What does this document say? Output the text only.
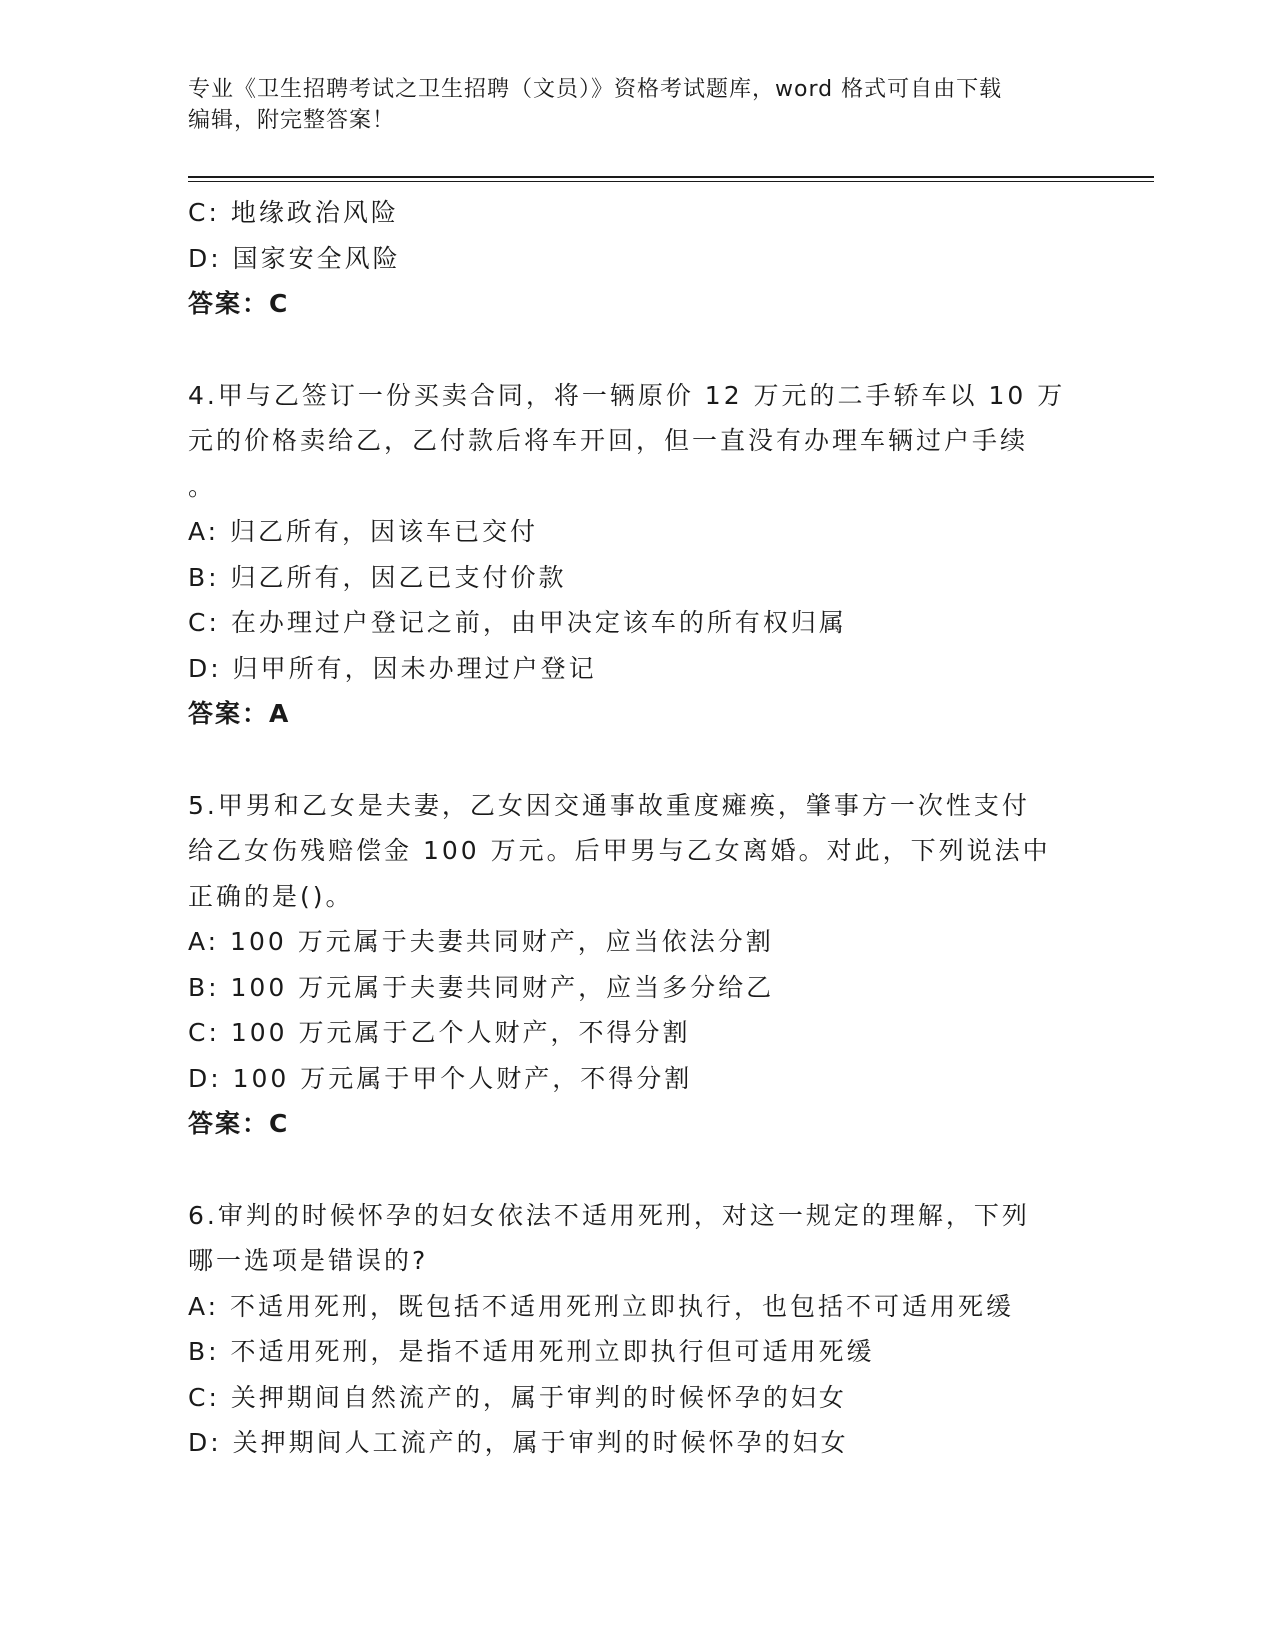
专业《卫生招聘考试之卫生招聘（文员）》资格考试题库，word 格式可自由下载
编辑，附完整答案！
C: 地缘政治风险
D: 国家安全风险
答案：C
4.甲与乙签订一份买卖合同，将一辆原价 12 万元的二手轿车以 10 万
元的价格卖给乙，乙付款后将车开回，但一直没有办理车辆过户手续
。
A: 归乙所有，因该车已交付
B: 归乙所有，因乙已支付价款
C: 在办理过户登记之前，由甲决定该车的所有权归属
D: 归甲所有，因未办理过户登记
答案：A
5.甲男和乙女是夫妻，乙女因交通事故重度瘫痪，肇事方一次性支付
给乙女伤残赔偿金 100 万元。后甲男与乙女离婚。对此，下列说法中
正确的是()。
A: 100 万元属于夫妻共同财产，应当依法分割
B: 100 万元属于夫妻共同财产，应当多分给乙
C: 100 万元属于乙个人财产，不得分割
D: 100 万元属于甲个人财产，不得分割
答案：C
6.审判的时候怀孕的妇女依法不适用死刑，对这一规定的理解，下列
哪一选项是错误的?
A: 不适用死刑，既包括不适用死刑立即执行，也包括不可适用死缓
B: 不适用死刑，是指不适用死刑立即执行但可适用死缓
C: 关押期间自然流产的，属于审判的时候怀孕的妇女
D: 关押期间人工流产的，属于审判的时候怀孕的妇女
